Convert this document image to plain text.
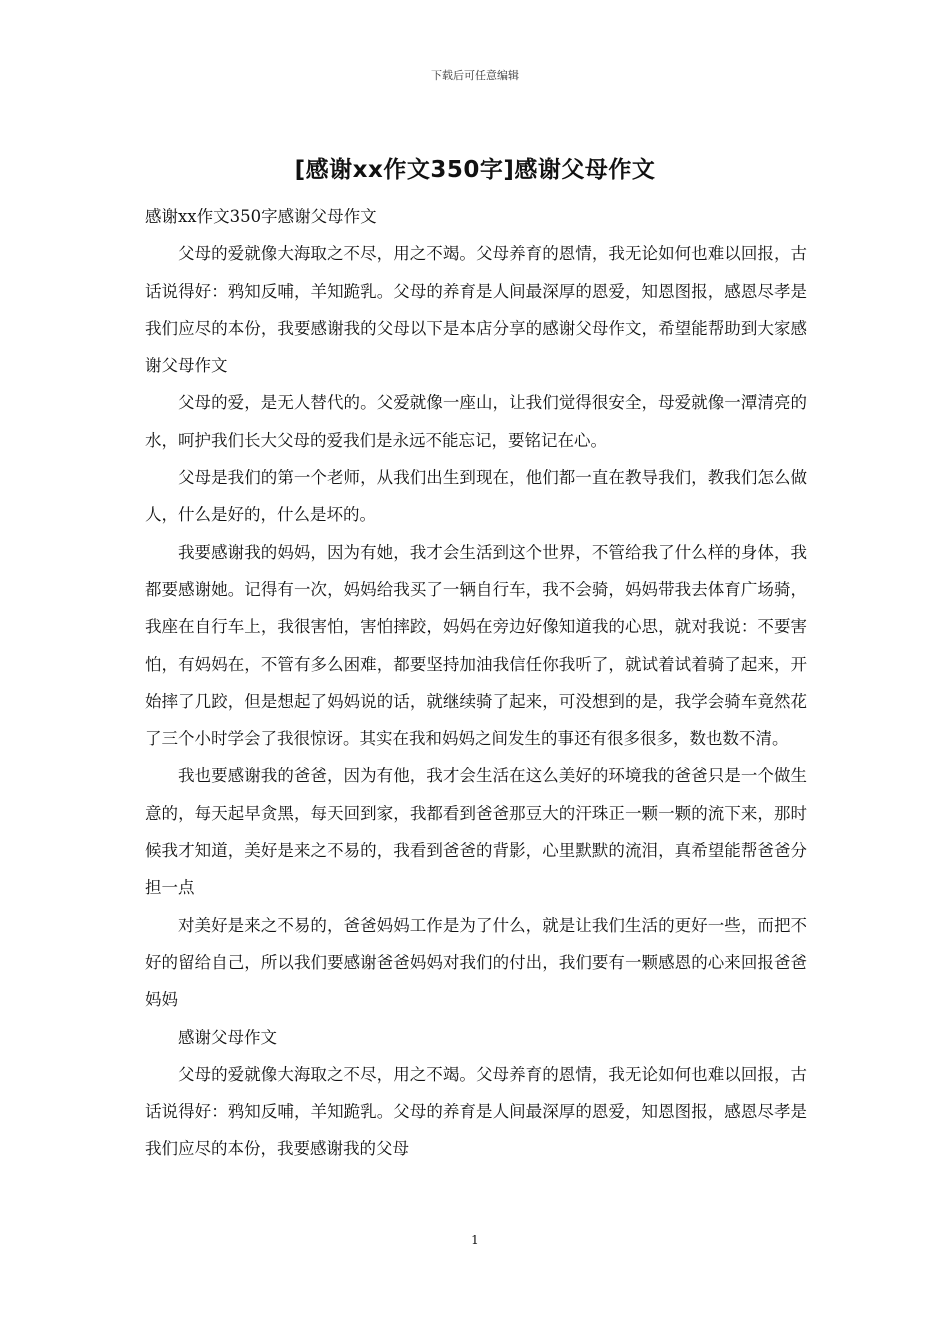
下载后可任意编辑
[感谢xx作文350字]感谢父母作文

感谢xx作文350字感谢父母作文

父母的爱就像大海取之不尽，用之不竭。父母养育的恩情，我无论如何也难以回报，古话说得好：鸦知反哺，羊知跪乳。父母的养育是人间最深厚的恩爱，知恩图报，感恩尽孝是我们应尽的本份，我要感谢我的父母以下是本店分享的感谢父母作文，希望能帮助到大家感谢父母作文

父母的爱，是无人替代的。父爱就像一座山，让我们觉得很安全，母爱就像一潭清亮的水，呵护我们长大父母的爱我们是永远不能忘记，要铭记在心。

父母是我们的第一个老师，从我们出生到现在，他们都一直在教导我们，教我们怎么做人，什么是好的，什么是坏的。

我要感谢我的妈妈，因为有她，我才会生活到这个世界，不管给我了什么样的身体，我都要感谢她。记得有一次，妈妈给我买了一辆自行车，我不会骑，妈妈带我去体育广场骑，我座在自行车上，我很害怕，害怕摔跤，妈妈在旁边好像知道我的心思，就对我说：不要害怕，有妈妈在，不管有多么困难，都要坚持加油我信任你我听了，就试着试着骑了起来，开始摔了几跤，但是想起了妈妈说的话，就继续骑了起来，可没想到的是，我学会骑车竟然花了三个小时学会了我很惊讶。其实在我和妈妈之间发生的事还有很多很多，数也数不清。

我也要感谢我的爸爸，因为有他，我才会生活在这么美好的环境我的爸爸只是一个做生意的，每天起早贪黑，每天回到家，我都看到爸爸那豆大的汗珠正一颗一颗的流下来，那时候我才知道，美好是来之不易的，我看到爸爸的背影，心里默默的流泪，真希望能帮爸爸分担一点

对美好是来之不易的，爸爸妈妈工作是为了什么，就是让我们生活的更好一些，而把不好的留给自己，所以我们要感谢爸爸妈妈对我们的付出，我们要有一颗感恩的心来回报爸爸妈妈

感谢父母作文

父母的爱就像大海取之不尽，用之不竭。父母养育的恩情，我无论如何也难以回报，古话说得好：鸦知反哺，羊知跪乳。父母的养育是人间最深厚的恩爱，知恩图报，感恩尽孝是我们应尽的本份，我要感谢我的父母

1
